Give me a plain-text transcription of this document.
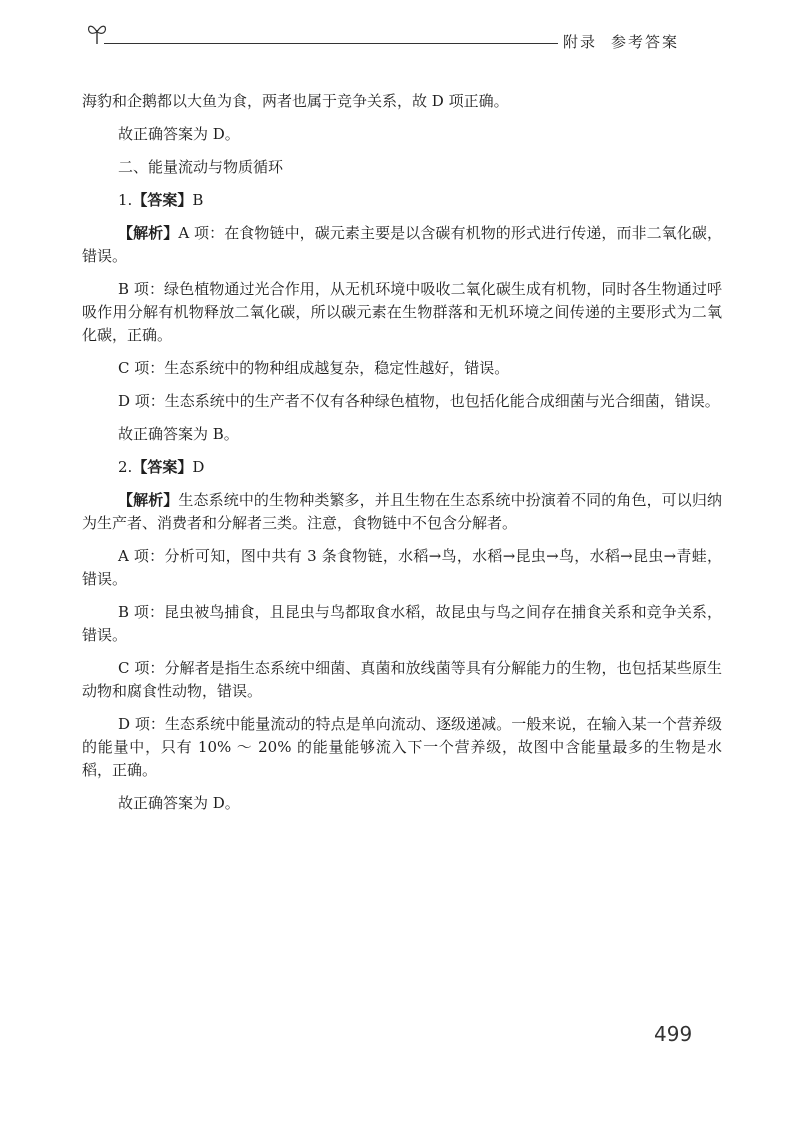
附录 参考答案

海豹和企鹅都以大鱼为食，两者也属于竞争关系，故 D 项正确。

故正确答案为 D。

二、能量流动与物质循环

1.【答案】B

【解析】A 项：在食物链中，碳元素主要是以含碳有机物的形式进行传递，而非二氧化碳，错误。

B 项：绿色植物通过光合作用，从无机环境中吸收二氧化碳生成有机物，同时各生物通过呼吸作用分解有机物释放二氧化碳，所以碳元素在生物群落和无机环境之间传递的主要形式为二氧化碳，正确。

C 项：生态系统中的物种组成越复杂，稳定性越好，错误。

D 项：生态系统中的生产者不仅有各种绿色植物，也包括化能合成细菌与光合细菌，错误。

故正确答案为 B。

2.【答案】D

【解析】生态系统中的生物种类繁多，并且生物在生态系统中扮演着不同的角色，可以归纳为生产者、消费者和分解者三类。注意，食物链中不包含分解者。

A 项：分析可知，图中共有 3 条食物链，水稻→鸟，水稻→昆虫→鸟，水稻→昆虫→青蛙，错误。

B 项：昆虫被鸟捕食，且昆虫与鸟都取食水稻，故昆虫与鸟之间存在捕食关系和竞争关系，错误。

C 项：分解者是指生态系统中细菌、真菌和放线菌等具有分解能力的生物，也包括某些原生动物和腐食性动物，错误。

D 项：生态系统中能量流动的特点是单向流动、逐级递减。一般来说，在输入某一个营养级的能量中，只有 10% ～ 20% 的能量能够流入下一个营养级，故图中含能量最多的生物是水稻，正确。

故正确答案为 D。

499
